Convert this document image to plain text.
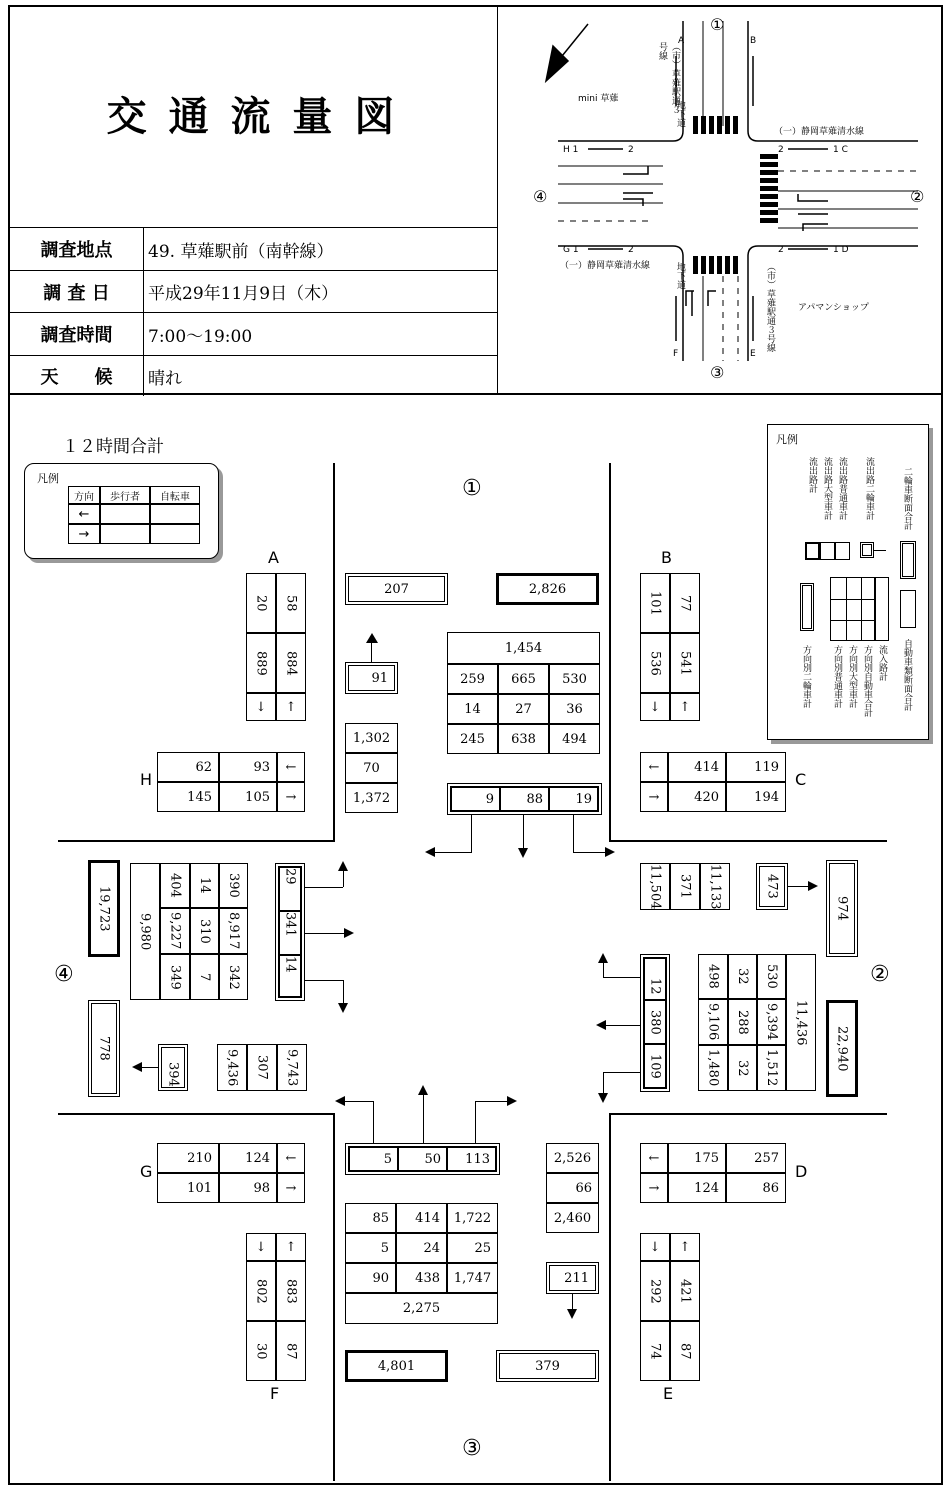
交 通 流 量 図
調査地点	49. 草薙駅前（南幹線）
調 査 日	平成29年11月9日（木）
調査時間	7:00〜19:00
天　　候	晴れ
mini 草薙
アパマンショップ
（一）静岡草薙清水線
（一）静岡草薙清水線
A	B
F	E
H 1	2
G 1	2
2	1 C
2	1 D
①
②
③
④
（市）草薙駅通３号線
（市）草薙駅通３号線
地下道
地下道
１２時間合計
凡例
方向	歩行者	自転車
←
→
凡例
流出路計 流出路大型車計 流出路普通車計 流出路二輪車計	二輪車断面合計
方向別二輪車計 方向別普通車計 方向別大型車計 方向別自動車合計 流入路計 自動車類断面合計
①
②
③
④
A
20	58
889	884
↓	↑
B
101	77
536	541
↓	↑
↓	↑
292	421
74	87
E
↓	↑
802	883
30	87
F
H
62	93	←
145	105	→
G
210	124	←
101	98	→
←	414	119
→	420	194
C
←	175	257
→	124	86
D
207	2,826
91
1,302
70
1,372
1,454
259	665	530
14	27	36
245	638	494
9	88	19
11,504	371	11,133	473
974
498	32	530
9,106	288	9,394
1,480	32	1,512
11,436
22,940
12
380
109
19,723
9,980
404	14	390
9,227	310	8,917
349	7	342
29
341
14
778
394	9,436	307	9,743
5	50	113	2,526
66
2,460
85	414	1,722
5	24	25
90	438	1,747
2,275
211
4,801	379
